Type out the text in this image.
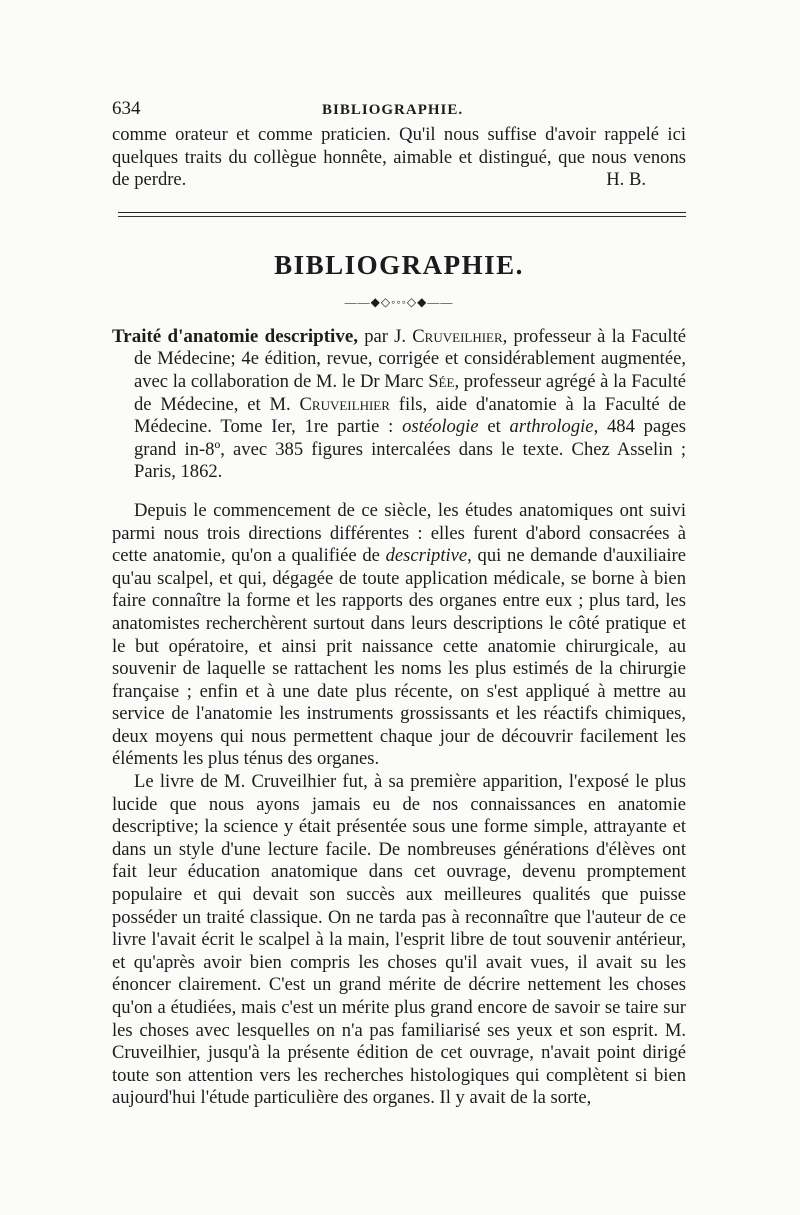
634	BIBLIOGRAPHIE.

comme orateur et comme praticien. Qu'il nous suffise d'avoir rappelé ici quelques traits du collègue honnête, aimable et distingué, que nous venons de perdre.	H. B.

BIBLIOGRAPHIE.
——◆◇◦◦◦◇◆——

Traité d'anatomie descriptive, par J. Cruveilhier, professeur à la Faculté de Médecine; 4e édition, revue, corrigée et considérablement augmentée, avec la collaboration de M. le Dr Marc Sée, professeur agrégé à la Faculté de Médecine, et M. Cruveilhier fils, aide d'anatomie à la Faculté de Médecine. Tome Ier, 1re partie : ostéologie et arthrologie, 484 pages grand in-8º, avec 385 figures intercalées dans le texte. Chez Asselin ; Paris, 1862.

Depuis le commencement de ce siècle, les études anatomiques ont suivi parmi nous trois directions différentes : elles furent d'abord consacrées à cette anatomie, qu'on a qualifiée de descriptive, qui ne demande d'auxiliaire qu'au scalpel, et qui, dégagée de toute application médicale, se borne à bien faire connaître la forme et les rapports des organes entre eux ; plus tard, les anatomistes recherchèrent surtout dans leurs descriptions le côté pratique et le but opératoire, et ainsi prit naissance cette anatomie chirurgicale, au souvenir de laquelle se rattachent les noms les plus estimés de la chirurgie française ; enfin et à une date plus récente, on s'est appliqué à mettre au service de l'anatomie les instruments grossissants et les réactifs chimiques, deux moyens qui nous permettent chaque jour de découvrir facilement les éléments les plus ténus des organes.

Le livre de M. Cruveilhier fut, à sa première apparition, l'exposé le plus lucide que nous ayons jamais eu de nos connaissances en anatomie descriptive; la science y était présentée sous une forme simple, attrayante et dans un style d'une lecture facile. De nombreuses générations d'élèves ont fait leur éducation anatomique dans cet ouvrage, devenu promptement populaire et qui devait son succès aux meilleures qualités que puisse posséder un traité classique. On ne tarda pas à reconnaître que l'auteur de ce livre l'avait écrit le scalpel à la main, l'esprit libre de tout souvenir antérieur, et qu'après avoir bien compris les choses qu'il avait vues, il avait su les énoncer clairement. C'est un grand mérite de décrire nettement les choses qu'on a étudiées, mais c'est un mérite plus grand encore de savoir se taire sur les choses avec lesquelles on n'a pas familiarisé ses yeux et son esprit. M. Cruveilhier, jusqu'à la présente édition de cet ouvrage, n'avait point dirigé toute son attention vers les recherches histologiques qui complètent si bien aujourd'hui l'étude particulière des organes. Il y avait de la sorte,
